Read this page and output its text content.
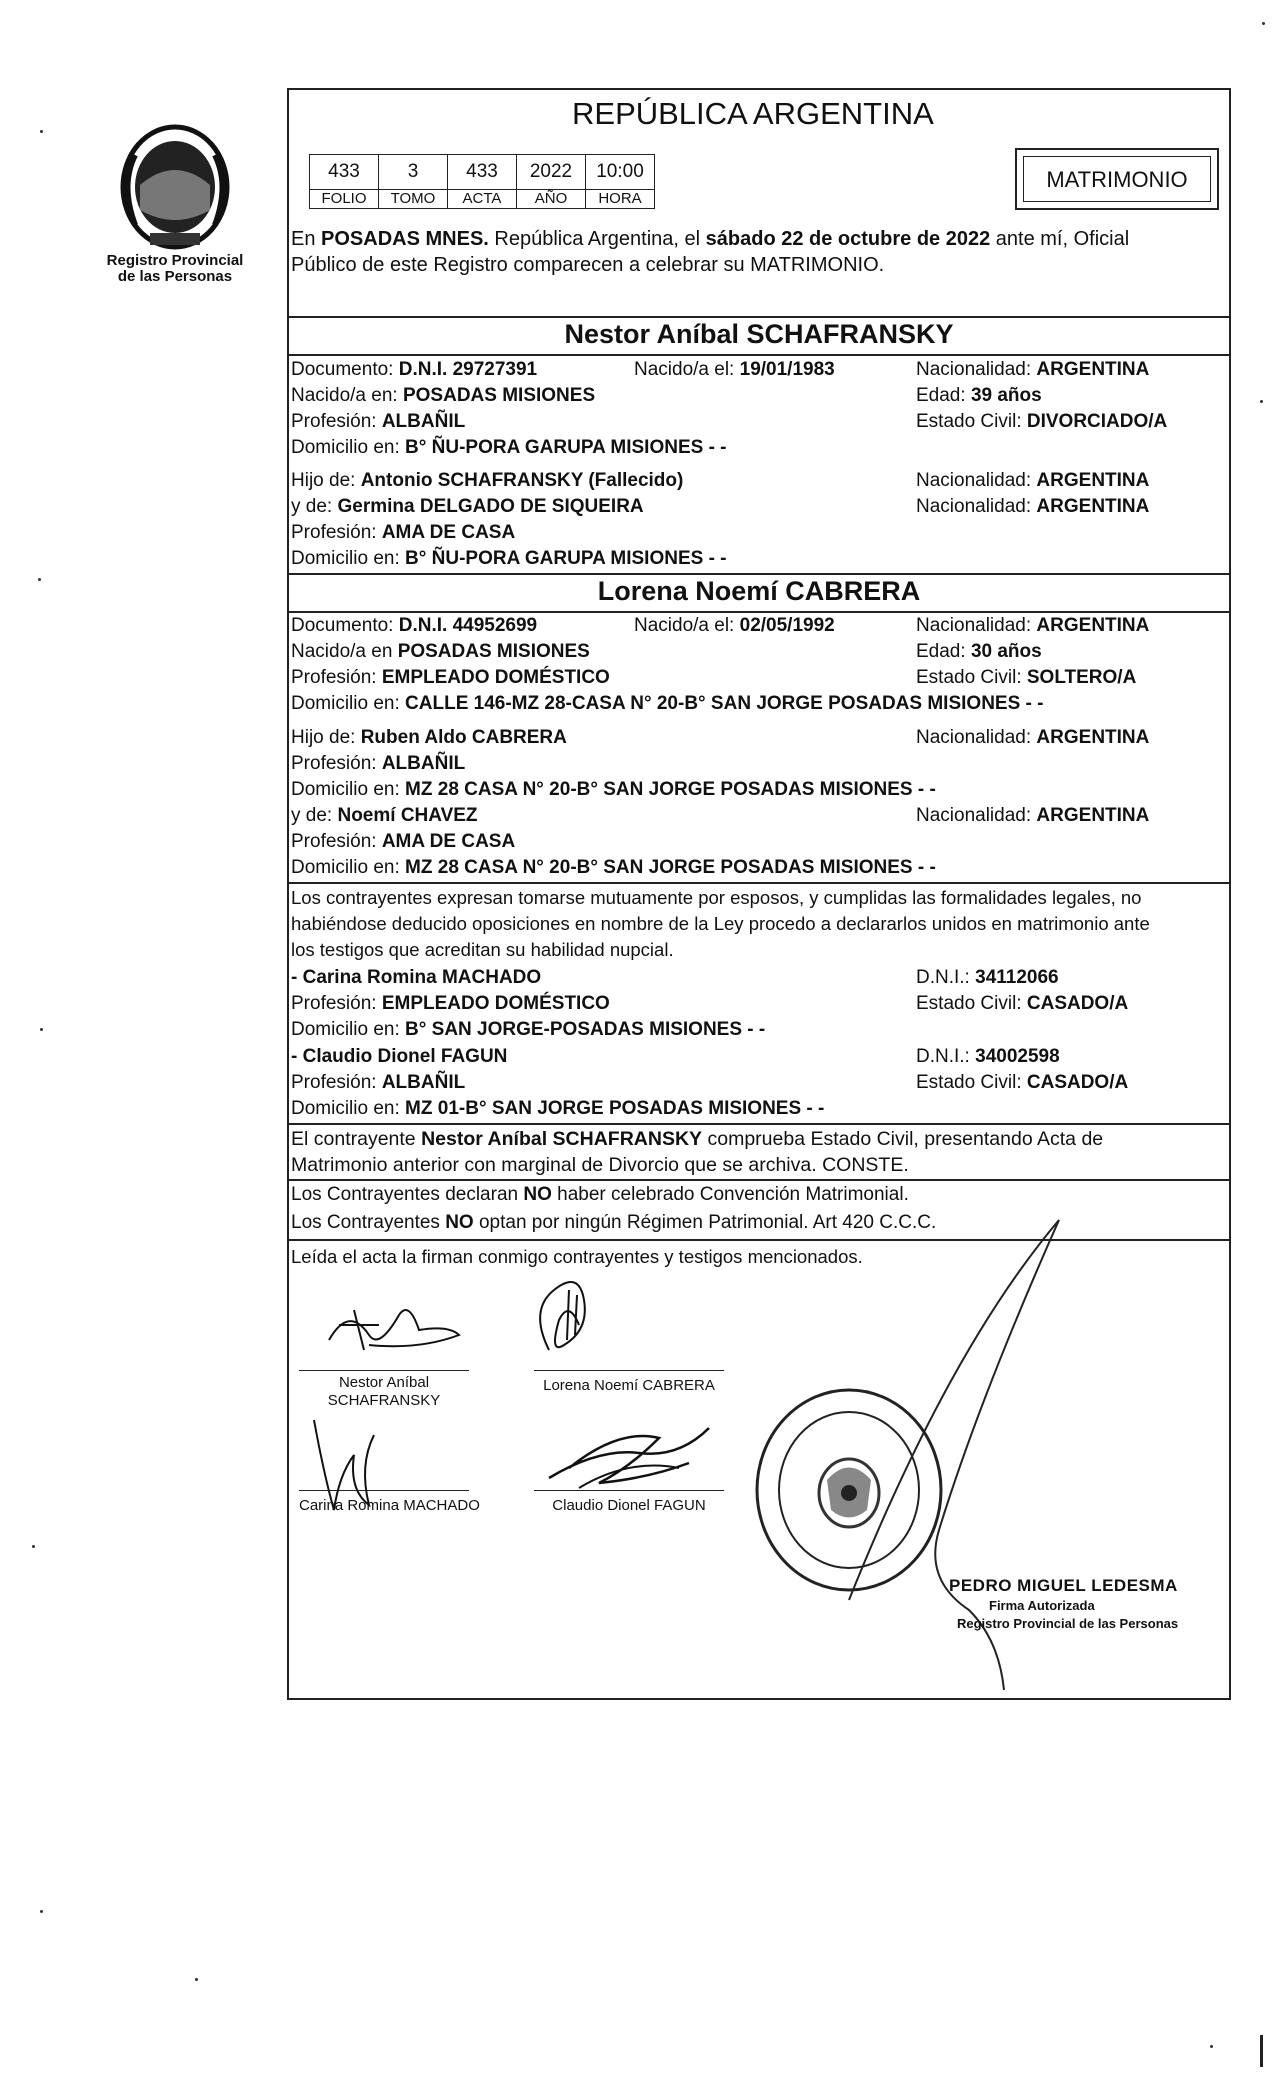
Registro Provincial
de las Personas
REPÚBLICA ARGENTINA
MATRIMONIO
433	3	433	2022	10:00
FOLIO	TOMO	ACTA	AÑO	HORA
En POSADAS MNES. República Argentina, el sábado 22 de octubre de 2022 ante mí, Oficial
Público de este Registro comparecen a celebrar su MATRIMONIO.
Nestor Aníbal SCHAFRANSKY
Documento: D.N.I. 29727391	Nacido/a el: 19/01/1983	Nacionalidad: ARGENTINA
Nacido/a en: POSADAS MISIONES	Edad: 39 años
Profesión: ALBAÑIL	Estado Civil: DIVORCIADO/A
Domicilio en: B° ÑU-PORA GARUPA MISIONES - -
Hijo de: Antonio SCHAFRANSKY (Fallecido)	Nacionalidad: ARGENTINA
y de: Germina DELGADO DE SIQUEIRA	Nacionalidad: ARGENTINA
Profesión: AMA DE CASA
Domicilio en: B° ÑU-PORA GARUPA MISIONES - -
Lorena Noemí CABRERA
Documento: D.N.I. 44952699	Nacido/a el: 02/05/1992	Nacionalidad: ARGENTINA
Nacido/a en POSADAS MISIONES	Edad: 30 años
Profesión: EMPLEADO DOMÉSTICO	Estado Civil: SOLTERO/A
Domicilio en: CALLE 146-MZ 28-CASA N° 20-B° SAN JORGE POSADAS MISIONES - -
Hijo de: Ruben Aldo CABRERA	Nacionalidad: ARGENTINA
Profesión: ALBAÑIL
Domicilio en: MZ 28 CASA N° 20-B° SAN JORGE POSADAS MISIONES - -
y de: Noemí CHAVEZ	Nacionalidad: ARGENTINA
Profesión: AMA DE CASA
Domicilio en: MZ 28 CASA N° 20-B° SAN JORGE POSADAS MISIONES - -
Los contrayentes expresan tomarse mutuamente por esposos, y cumplidas las formalidades legales, no
habiéndose deducido oposiciones en nombre de la Ley procedo a declararlos unidos en matrimonio ante
los testigos que acreditan su habilidad nupcial.
- Carina Romina MACHADO	D.N.I.: 34112066
Profesión: EMPLEADO DOMÉSTICO	Estado Civil: CASADO/A
Domicilio en: B° SAN JORGE-POSADAS MISIONES - -
- Claudio Dionel FAGUN	D.N.I.: 34002598
Profesión: ALBAÑIL	Estado Civil: CASADO/A
Domicilio en: MZ 01-B° SAN JORGE POSADAS MISIONES - -
El contrayente Nestor Aníbal SCHAFRANSKY comprueba Estado Civil, presentando Acta de
Matrimonio anterior con marginal de Divorcio que se archiva. CONSTE.
Los Contrayentes declaran NO haber celebrado Convención Matrimonial.
Los Contrayentes NO optan por ningún Régimen Patrimonial. Art 420 C.C.C.
Leída el acta la firman conmigo contrayentes y testigos mencionados.
Nestor Aníbal
SCHAFRANSKY
Lorena Noemí CABRERA
Carina Romina MACHADO	Claudio Dionel FAGUN
PEDRO MIGUEL LEDESMA
Firma Autorizada
Registro Provincial de las Personas
